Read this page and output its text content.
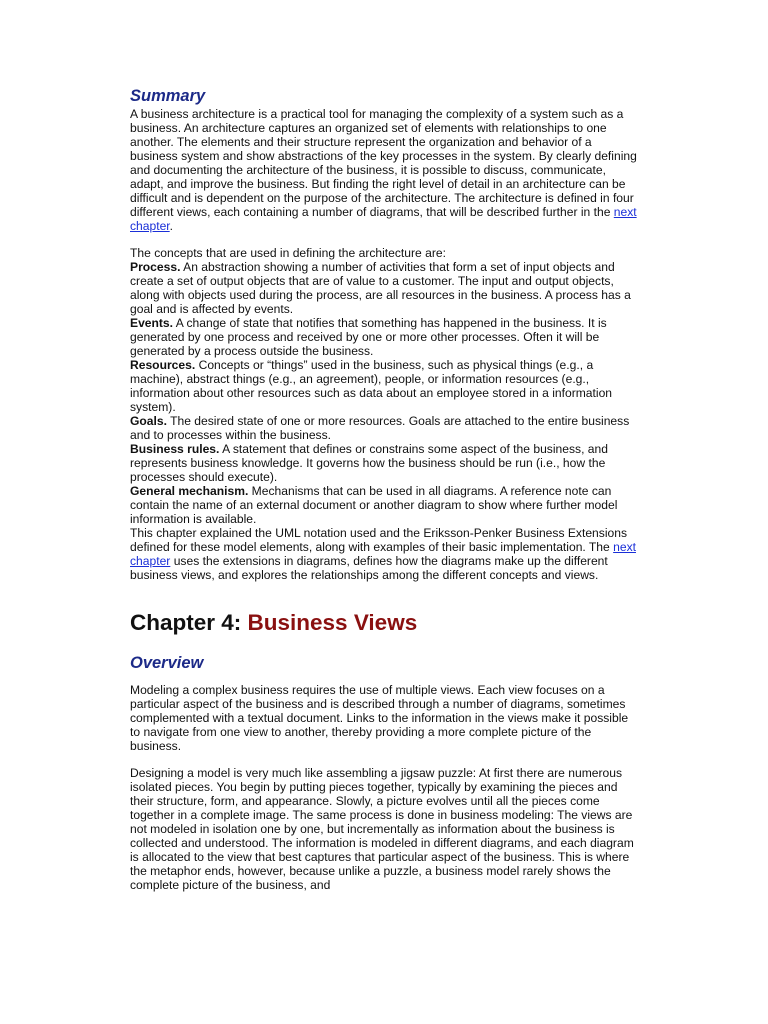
Summary

A business architecture is a practical tool for managing the complexity of a system such as a business. An architecture captures an organized set of elements with relationships to one another. The elements and their structure represent the organization and behavior of a business system and show abstractions of the key processes in the system. By clearly defining and documenting the architecture of the business, it is possible to discuss, communicate, adapt, and improve the business. But finding the right level of detail in an architecture can be difficult and is dependent on the purpose of the architecture. The architecture is defined in four different views, each containing a number of diagrams, that will be described further in the next chapter.

The concepts that are used in defining the architecture are:

Process. An abstraction showing a number of activities that form a set of input objects and create a set of output objects that are of value to a customer. The input and output objects, along with objects used during the process, are all resources in the business. A process has a goal and is affected by events.

Events. A change of state that notifies that something has happened in the business. It is generated by one process and received by one or more other processes. Often it will be generated by a process outside the business.

Resources. Concepts or “things” used in the business, such as physical things (e.g., a machine), abstract things (e.g., an agreement), people, or information resources (e.g., information about other resources such as data about an employee stored in a information system).

Goals. The desired state of one or more resources. Goals are attached to the entire business and to processes within the business.

Business rules. A statement that defines or constrains some aspect of the business, and represents business knowledge. It governs how the business should be run (i.e., how the processes should execute).

General mechanism. Mechanisms that can be used in all diagrams. A reference note can contain the name of an external document or another diagram to show where further model information is available.

This chapter explained the UML notation used and the Eriksson-Penker Business Extensions defined for these model elements, along with examples of their basic implementation. The next chapter uses the extensions in diagrams, defines how the diagrams make up the different business views, and explores the relationships among the different concepts and views.

Chapter 4: Business Views
Overview

Modeling a complex business requires the use of multiple views. Each view focuses on a particular aspect of the business and is described through a number of diagrams, sometimes complemented with a textual document. Links to the information in the views make it possible to navigate from one view to another, thereby providing a more complete picture of the business.

Designing a model is very much like assembling a jigsaw puzzle: At first there are numerous isolated pieces. You begin by putting pieces together, typically by examining the pieces and their structure, form, and appearance. Slowly, a picture evolves until all the pieces come together in a complete image. The same process is done in business modeling: The views are not modeled in isolation one by one, but incrementally as information about the business is collected and understood. The information is modeled in different diagrams, and each diagram is allocated to the view that best captures that particular aspect of the business. This is where the metaphor ends, however, because unlike a puzzle, a business model rarely shows the complete picture of the business, and
